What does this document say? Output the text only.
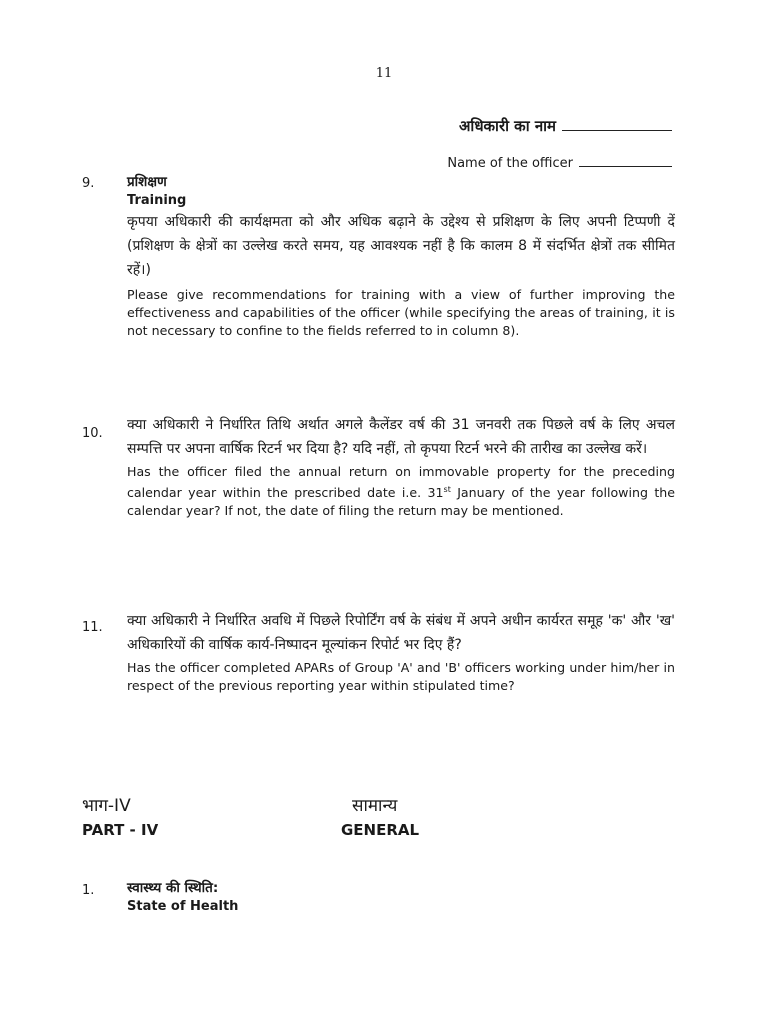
11
अधिकारी का नाम
Name of the officer
9. प्रशिक्षण
Training
कृपया अधिकारी की कार्यक्षमता को और अधिक बढ़ाने के उद्देश्य से प्रशिक्षण के लिए अपनी टिप्पणी दें (प्रशिक्षण के क्षेत्रों का उल्लेख करते समय, यह आवश्यक नहीं है कि कालम 8 में संदर्भित क्षेत्रों तक सीमित रहें।)
Please give recommendations for training with a view of further improving the effectiveness and capabilities of the officer (while specifying the areas of training, it is not necessary to confine to the fields referred to in column 8).
10.
क्या अधिकारी ने निर्धारित तिथि अर्थात अगले कैलेंडर वर्ष की 31 जनवरी तक पिछले वर्ष के लिए अचल सम्पत्ति पर अपना वार्षिक रिटर्न भर दिया है? यदि नहीं, तो कृपया रिटर्न भरने की तारीख का उल्लेख करें।
Has the officer filed the annual return on immovable property for the preceding calendar year within the prescribed date i.e. 31st January of the year following the calendar year? If not, the date of filing the return may be mentioned.
11. क्या अधिकारी ने निर्धारित अवधि में पिछले रिपोर्टिंग वर्ष के संबंध में अपने अधीन कार्यरत समूह 'क' और 'ख' अधिकारियों की वार्षिक कार्य-निष्पादन मूल्यांकन रिपोर्ट भर दिए हैं?
Has the officer completed APARs of Group 'A' and 'B' officers working under him/her in respect of the previous reporting year within stipulated time?
भाग-IV
PART - IV
सामान्य
GENERAL
1. स्वास्थ्य की स्थिति:
State of Health
